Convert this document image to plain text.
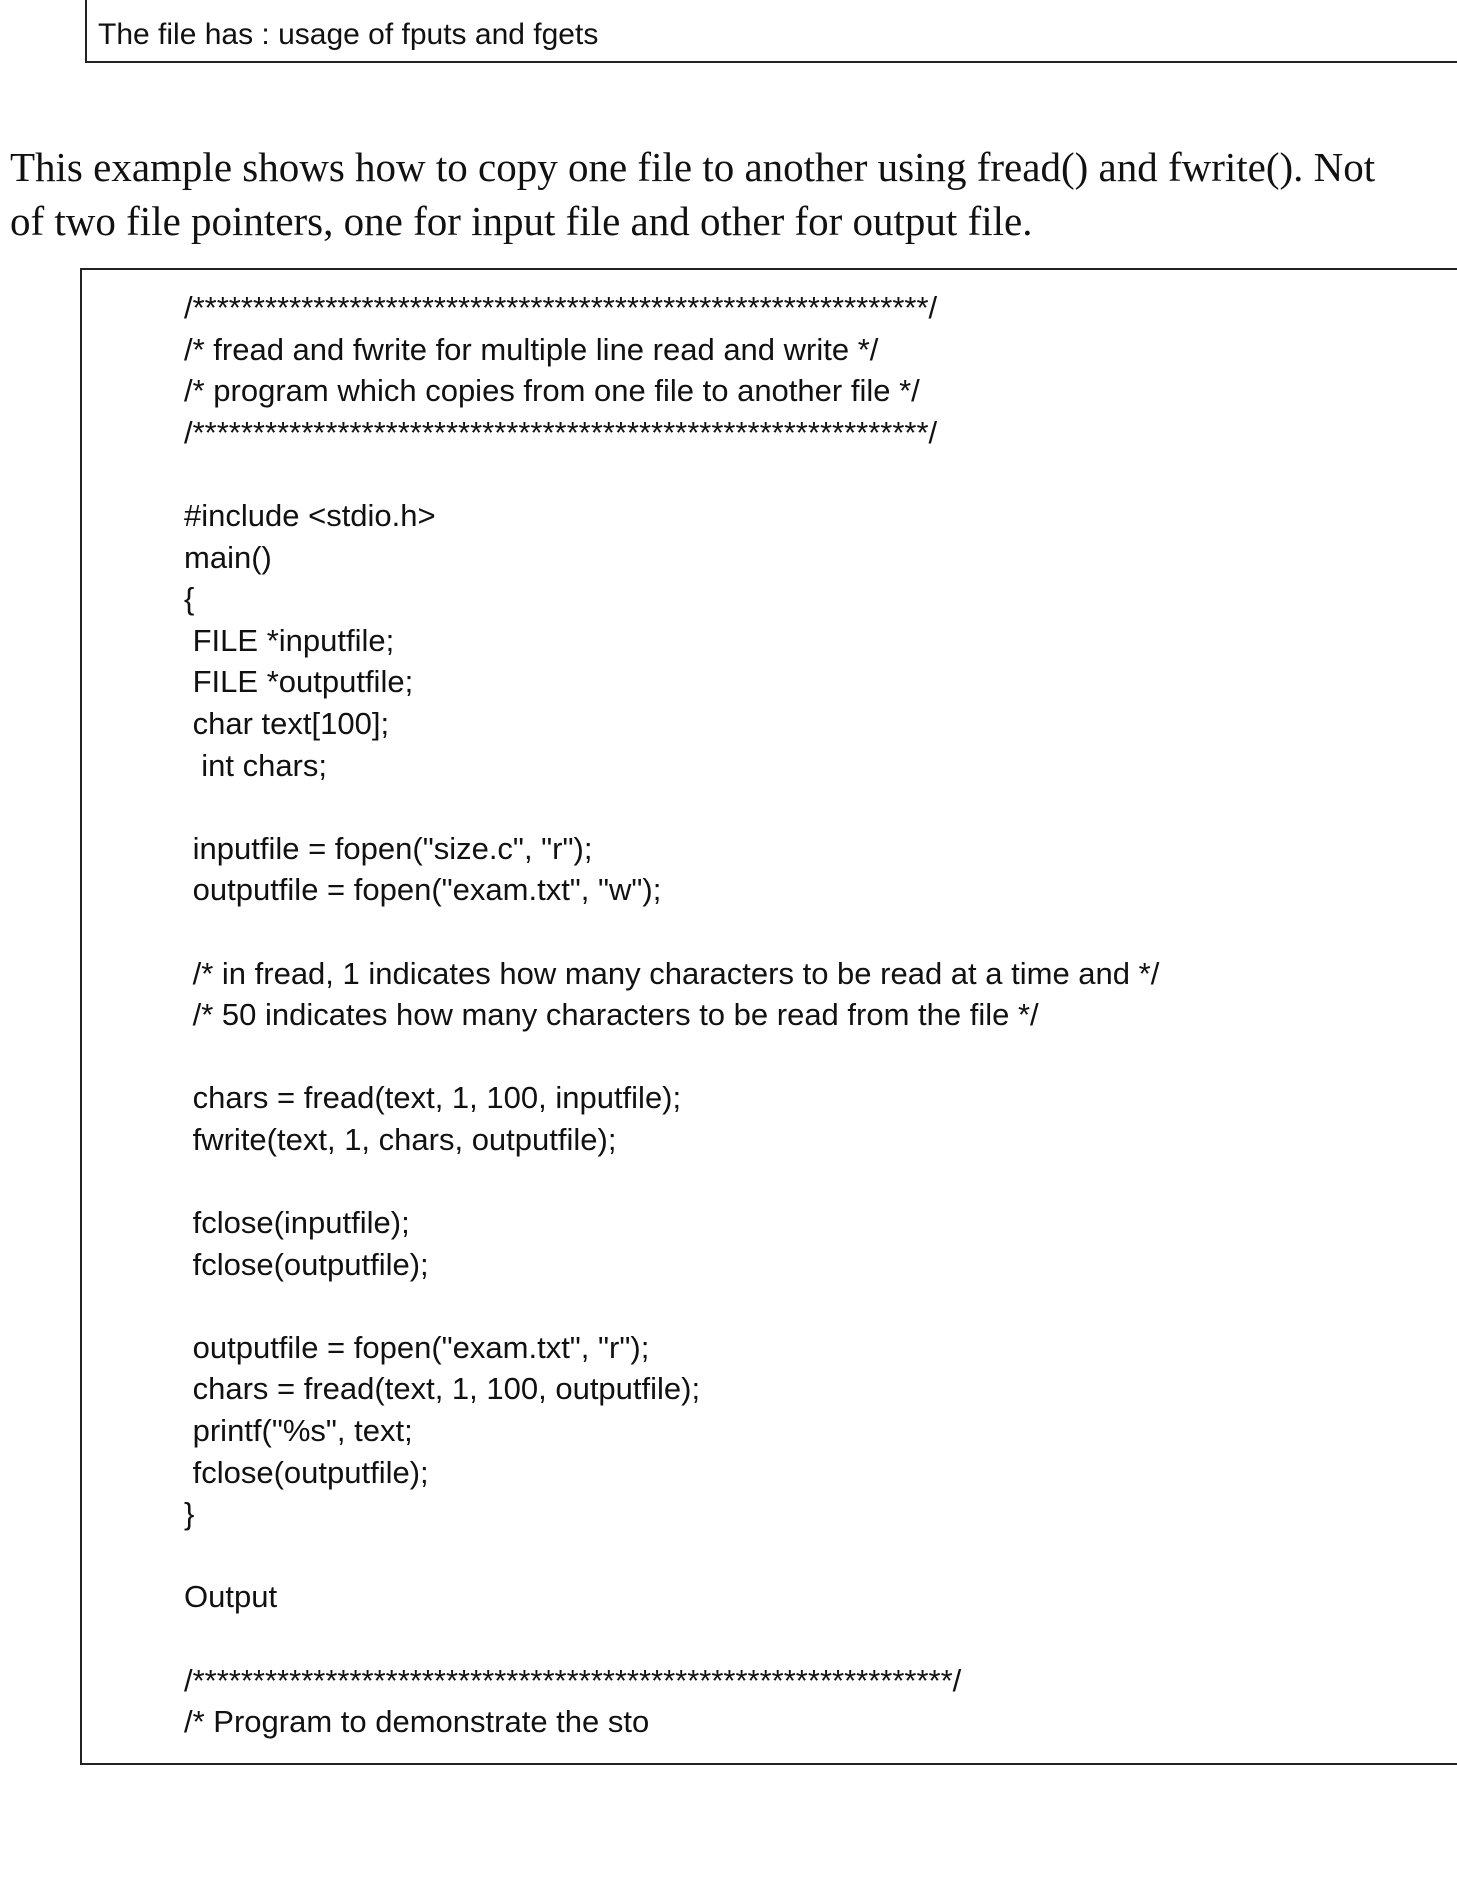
The file has : usage of fputs and fgets
This example shows how to copy one file to another using fread() and fwrite(). Not
of two file pointers, one for input file and other for output file.
/*************************************************************/
/* fread and fwrite for multiple line read and write */
/* program which copies from one file to another file */
/*************************************************************/
#include <stdio.h>
main()
{
FILE *inputfile;
FILE *outputfile;
char text[100];
int chars;
inputfile = fopen("size.c", "r");
outputfile = fopen("exam.txt", "w");
/* in fread, 1 indicates how many characters to be read at a time and */
/* 50 indicates how many characters to be read from the file */
chars = fread(text, 1, 100, inputfile);
fwrite(text, 1, chars, outputfile);
fclose(inputfile);
fclose(outputfile);
outputfile = fopen("exam.txt", "r");
chars = fread(text, 1, 100, outputfile);
printf("%s", text;
fclose(outputfile);
}
Output
/***************************************************************/
/* Program to demonstrate the sto
